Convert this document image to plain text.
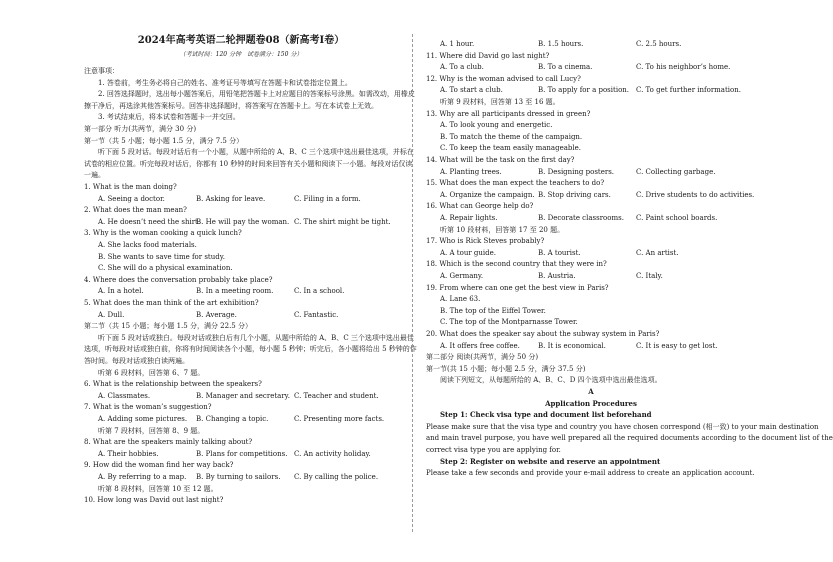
2024年高考英语二轮押题卷08（新高考Ⅰ卷）
（考试时间：120 分钟　试卷满分：150 分）
注意事项：
1. 答卷前，考生务必将自己的姓名、准考证号等填写在答题卡和试卷指定位置上。
2. 回答选择题时，选出每小题答案后，用铅笔把答题卡上对应题目的答案标号涂黑。如需改动，用橡皮
擦干净后，再选涂其他答案标号。回答非选择题时，将答案写在答题卡上。写在本试卷上无效。
3. 考试结束后，将本试卷和答题卡一并交回。
第一部分 听力(共两节，满分 30 分)
第一节（共 5 小题；每小题 1.5 分，满分 7.5 分）
听下面 5 段对话。每段对话后有一个小题，从题中所给的 A、B、C 三个选项中选出最佳选项，并标在
试卷的相应位置。听完每段对话后，你都有 10 秒钟的时间来回答有关小题和阅读下一小题。每段对话仅读
一遍。
1. What is the man doing?
A. Seeing a doctor.	B. Asking for leave.	C. Filing in a form.
2. What does the man mean?
A. He doesn’t need the shirt.
B. He will pay the woman. C. The shirt might be tight.
3. Why is the woman cooking a quick lunch?
A. She lacks food materials.
B. She wants to save time for study.
C. She will do a physical examination.
4. Where does the conversation probably take place?
A. In a hotel.	B. In a meeting room.	C. In a school.
5. What does the man think of the art exhibition?
A. Dull.	B. Average.	C. Fantastic.
第二节（共 15 小题；每小题 1.5 分，满分 22.5 分）
听下面 5 段对话或独白。每段对话或独白后有几个小题，从题中所给的 A、B、C 三个选项中选出最佳
选项，听每段对话或独白前，你将有时间阅读各个小题，每小题 5 秒钟；听完后，各小题将给出 5 秒钟的作
答时间。每段对话或独白读两遍。
听第 6 段材料，回答第 6、7 题。
6. What is the relationship between the speakers?
A. Classmates.	B. Manager and secretary. C. Teacher and student.
7. What is the woman’s suggestion?
A. Adding some pictures. B. Changing a topic.	C. Presenting more facts.
听第 7 段材料，回答第 8、9 题。
8. What are the speakers mainly talking about?
A. Their hobbies.	B. Plans for competitions. C. An activity holiday.
9. How did the woman find her way back?
A. By referring to a map. B. By turning to sailors. C. By calling the police.
听第 8 段材料，回答第 10 至 12 题。
10. How long was David out last night?
A. 1 hour.	B. 1.5 hours.	C. 2.5 hours.
11. Where did David go last night?
A. To a club.	B. To a cinema.	C. To his neighbor’s home.
12. Why is the woman advised to call Lucy?
A. To start a club.	B. To apply for a position. C. To get further information.
听第 9 段材料，回答第 13 至 16 题。
13. Why are all participants dressed in green?
A. To look young and energetic.
B. To match the theme of the campaign.
C. To keep the team easily manageable.
14. What will be the task on the first day?
A. Planting trees.	B. Designing posters.	C. Collecting garbage.
15. What does the man expect the teachers to do?
A. Organize the campaign. B. Stop driving cars.	C. Drive students to do activities.
16. What can George help do?
A. Repair lights.	B. Decorate classrooms. C. Paint school boards.
听第 10 段材料，回答第 17 至 20 题。
17. Who is Rick Steves probably?
A. A tour guide.	B. A tourist.	C. An artist.
18. Which is the second country that they were in?
A. Germany.	B. Austria.	C. Italy.
19. From where can one get the best view in Paris?
A. Lane 63.
B. The top of the Eiffel Tower.
C. The top of the Montparnasse Tower.
20. What does the speaker say about the subway system in Paris?
A. It offers free coffee.	B. It is economical.	C. It is easy to get lost.
第二部分 阅读(共两节，满分 50 分)
第一节(共 15 小题；每小题 2.5 分，满分 37.5 分)
阅读下列短文，从每题所给的 A、B、C、D 四个选项中选出最佳选项。
A
Application Procedures
Step 1: Check visa type and document list beforehand
Please make sure that the visa type and country you have chosen correspond (相一致) to your main destination
and main travel purpose, you have well prepared all the required documents according to the document list of the
correct visa type you are applying for.
Step 2: Register on website and reserve an appointment
Please take a few seconds and provide your e-mail address to create an application account.
